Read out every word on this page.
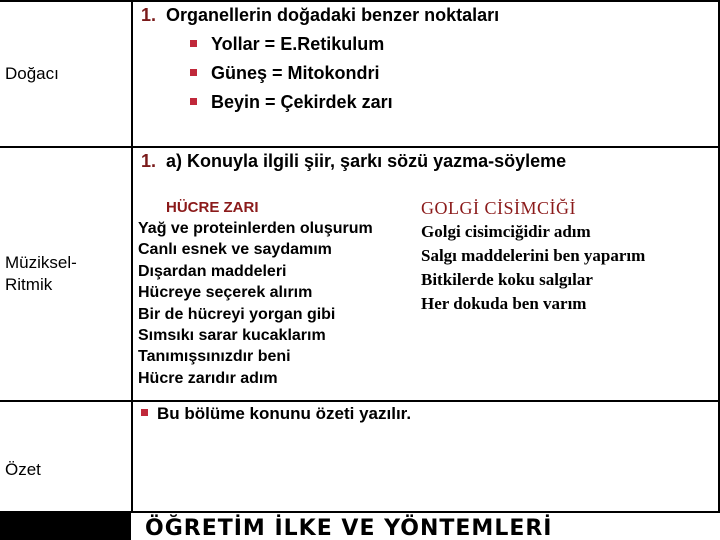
Doğacı
1. Organellerin doğadaki benzer noktaları
Yollar = E.Retikulum
Güneş = Mitokondri
Beyin = Çekirdek zarı
Müziksel-
Ritmik
1. a) Konuyla ilgili şiir, şarkı sözü yazma-söyleme
HÜCRE ZARI
Yağ ve proteinlerden oluşurum
Canlı esnek ve saydamım
Dışardan maddeleri
Hücreye seçerek alırım
Bir de hücreyi yorgan gibi
Sımsıkı sarar kucaklarım
Tanımışsınızdır beni
Hücre zarıdır adım
GOLGİ CİSİMCİĞİ
Golgi cisimciğidir adım
Salgı maddelerini ben yaparım
Bitkilerde koku salgılar
Her dokuda ben varım
Özet
Bu bölüme konunu özeti yazılır.
ÖĞRETİM İLKE VE YÖNTEMLERİ
